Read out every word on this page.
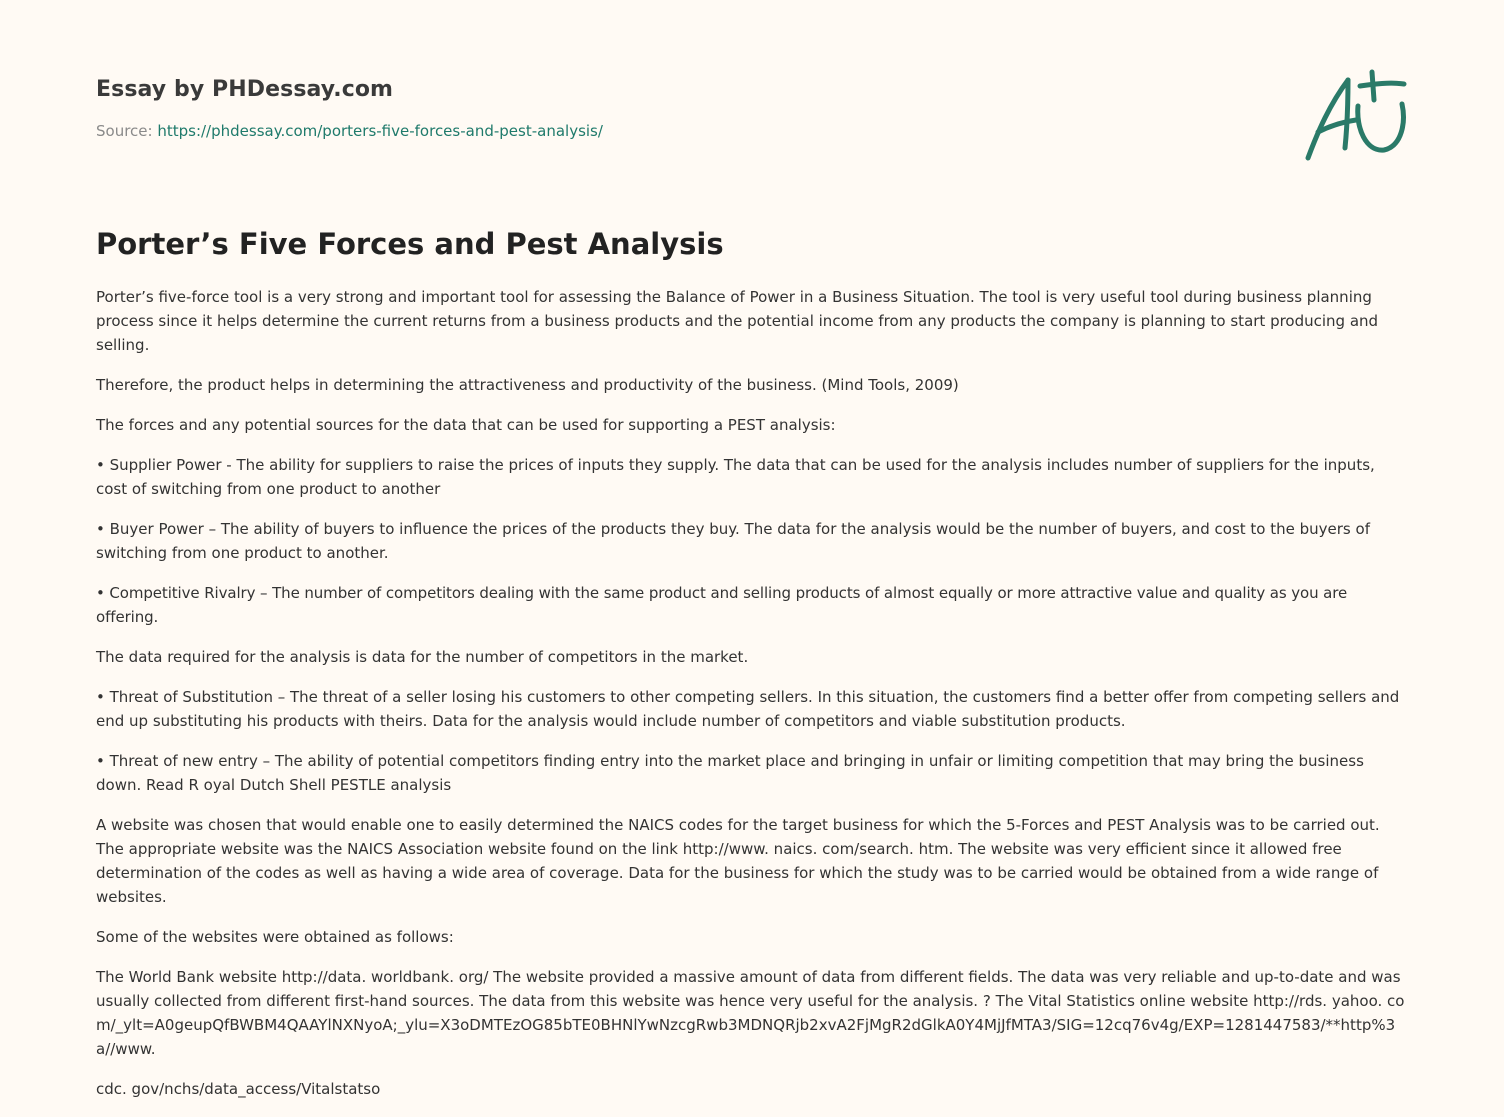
Essay by PHDessay.com
Source: https://phdessay.com/porters-five-forces-and-pest-analysis/
Porter’s Five Forces and Pest Analysis

Porter’s five-force tool is a very strong and important tool for assessing the Balance of Power in a Business Situation. The tool is very useful tool during business planning process since it helps determine the current returns from a business products and the potential income from any products the company is planning to start producing and selling.

Therefore, the product helps in determining the attractiveness and productivity of the business. (Mind Tools, 2009)

The forces and any potential sources for the data that can be used for supporting a PEST analysis:

• Supplier Power - The ability for suppliers to raise the prices of inputs they supply. The data that can be used for the analysis includes number of suppliers for the inputs, cost of switching from one product to another

• Buyer Power – The ability of buyers to influence the prices of the products they buy. The data for the analysis would be the number of buyers, and cost to the buyers of switching from one product to another.

• Competitive Rivalry – The number of competitors dealing with the same product and selling products of almost equally or more attractive value and quality as you are offering.

The data required for the analysis is data for the number of competitors in the market.

• Threat of Substitution – The threat of a seller losing his customers to other competing sellers. In this situation, the customers find a better offer from competing sellers and end up substituting his products with theirs. Data for the analysis would include number of competitors and viable substitution products.

• Threat of new entry – The ability of potential competitors finding entry into the market place and bringing in unfair or limiting competition that may bring the business down. Read R oyal Dutch Shell PESTLE analysis

A website was chosen that would enable one to easily determined the NAICS codes for the target business for which the 5-Forces and PEST Analysis was to be carried out. The appropriate website was the NAICS Association website found on the link http://www. naics. com/search. htm. The website was very efficient since it allowed free determination of the codes as well as having a wide area of coverage. Data for the business for which the study was to be carried would be obtained from a wide range of websites.

Some of the websites were obtained as follows:

The World Bank website http://data. worldbank. org/ The website provided a massive amount of data from different fields. The data was very reliable and up-to-date and was usually collected from different first-hand sources. The data from this website was hence very useful for the analysis. ? The Vital Statistics online website http://rds. yahoo. com/_ylt=A0geupQfBWBM4QAAYlNXNyoA;_ylu=X3oDMTEzOG85bTE0BHNlYwNzcgRwb3MDNQRjb2xvA2FjMgR2dGlkA0Y4MjJfMTA3/SIG=12cq76v4g/EXP=1281447583/**http%3a//www.

cdc. gov/nchs/data_access/Vitalstatso
